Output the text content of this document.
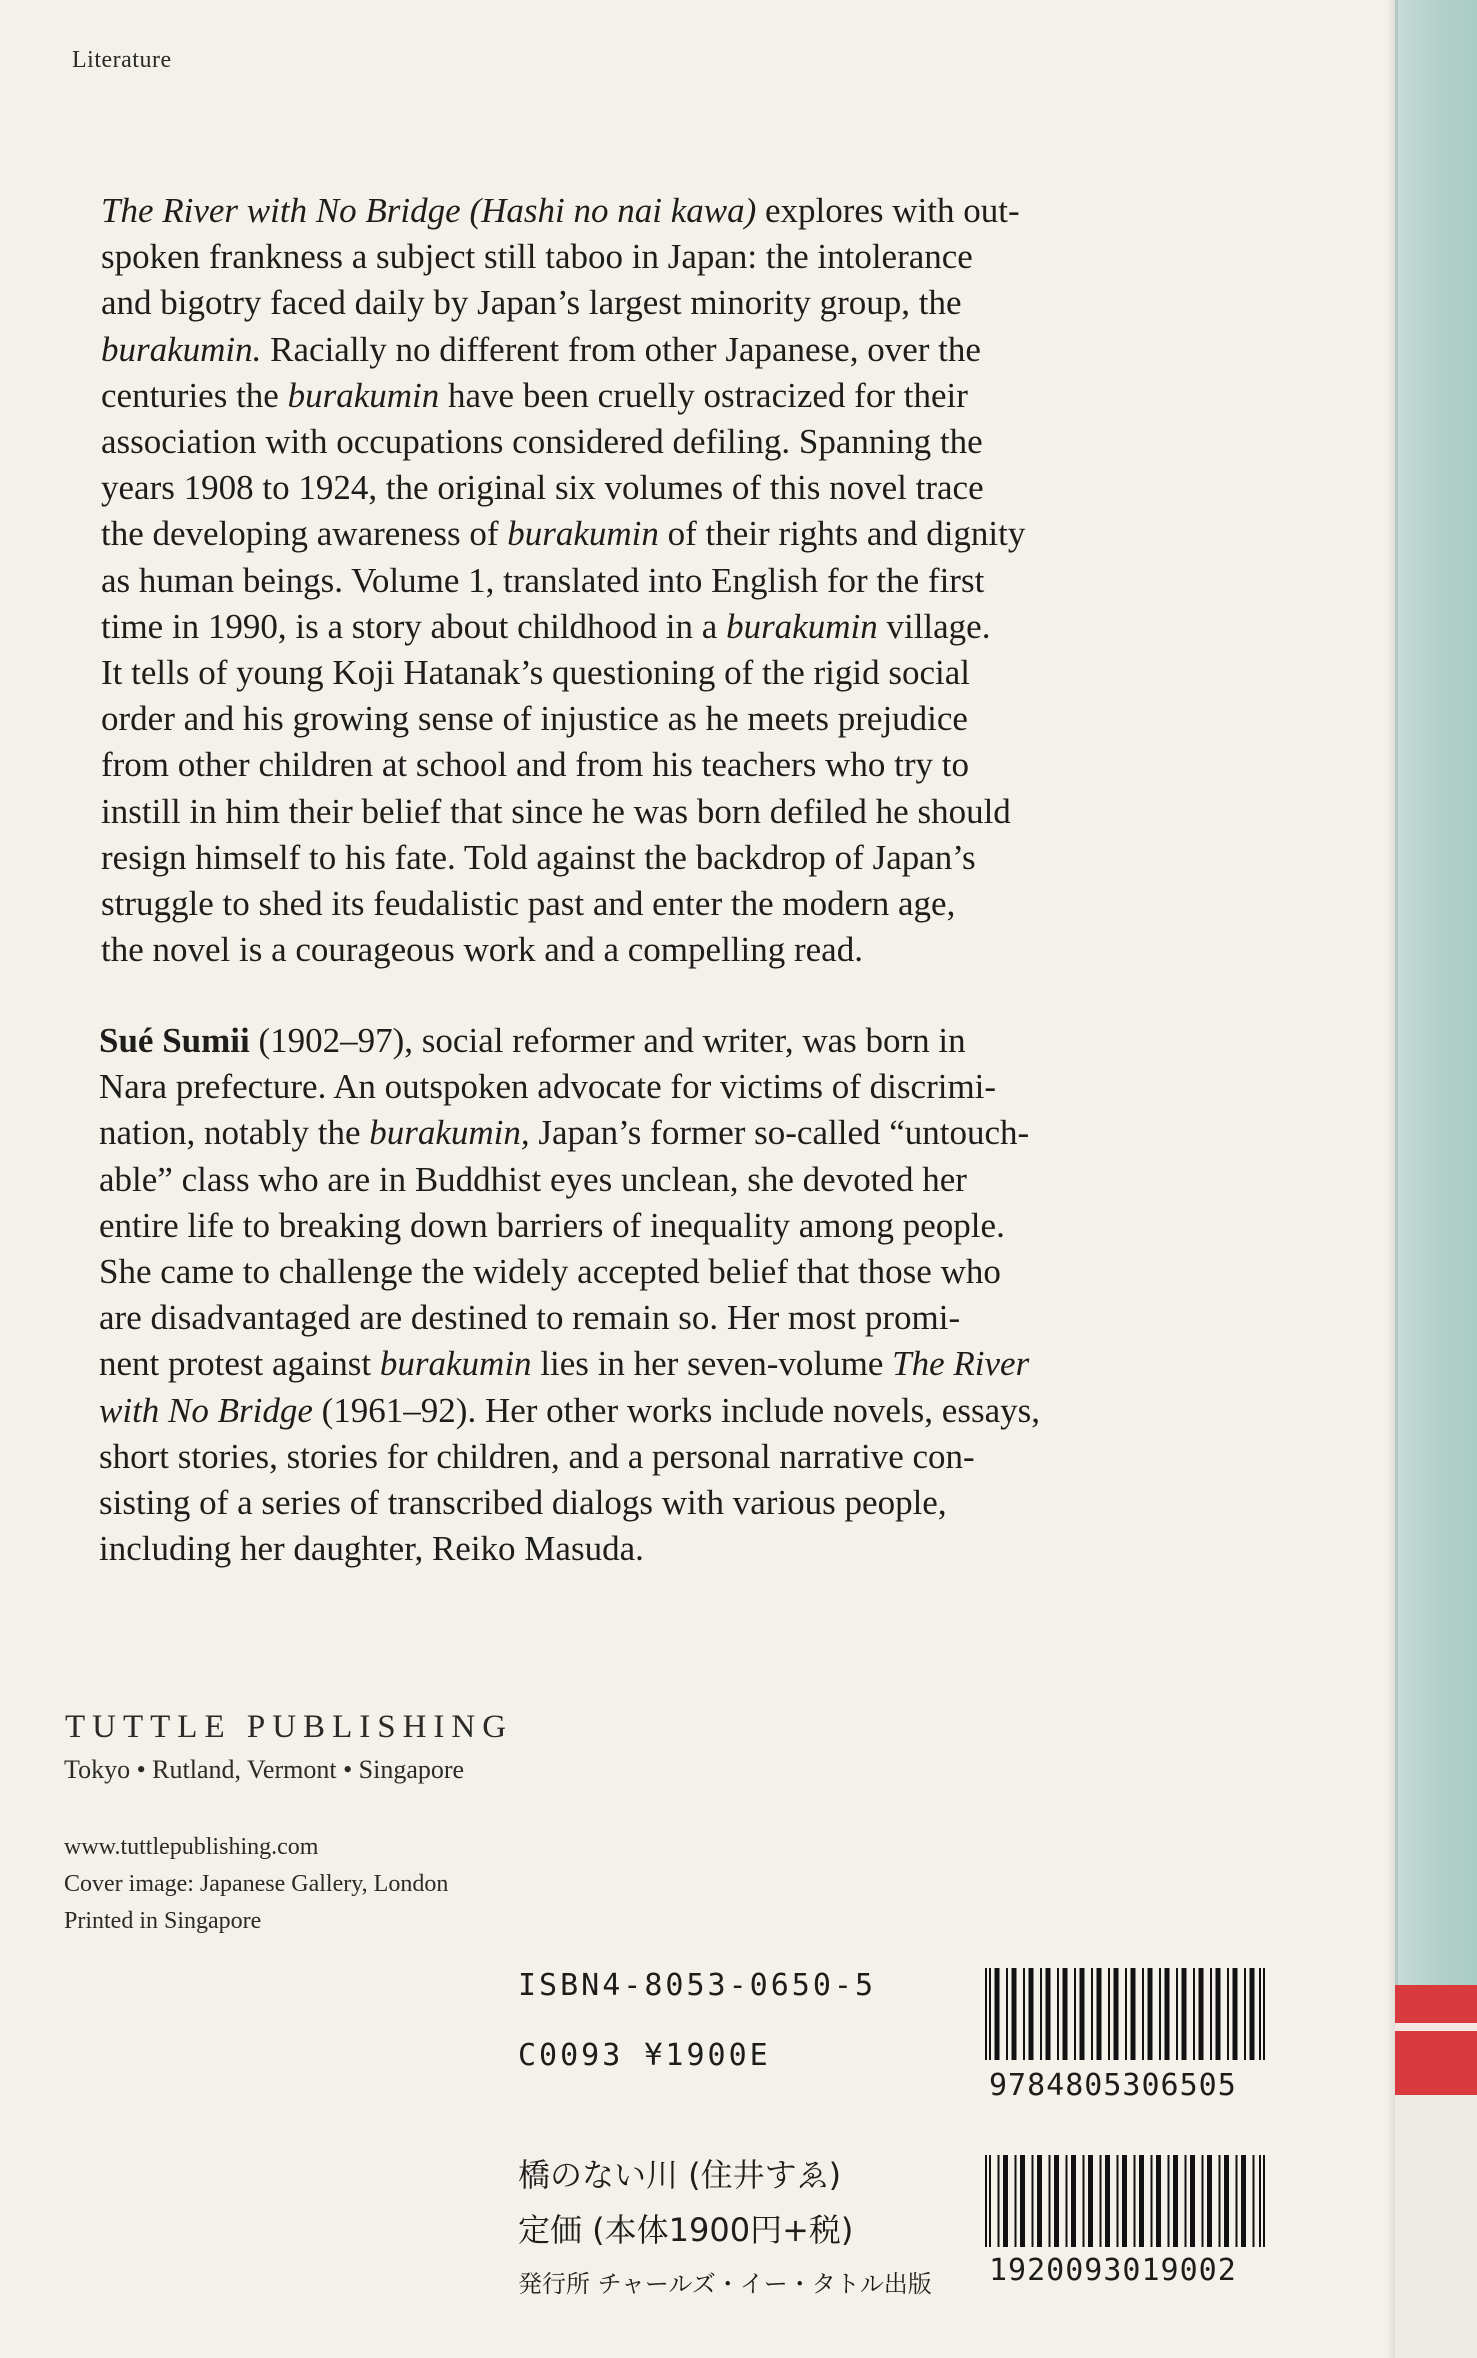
Literature
The River with No Bridge (Hashi no nai kawa) explores with out-
spoken frankness a subject still taboo in Japan: the intolerance
and bigotry faced daily by Japan’s largest minority group, the
burakumin. Racially no different from other Japanese, over the
centuries the burakumin have been cruelly ostracized for their
association with occupations considered defiling. Spanning the
years 1908 to 1924, the original six volumes of this novel trace
the developing awareness of burakumin of their rights and dignity
as human beings. Volume 1, translated into English for the first
time in 1990, is a story about childhood in a burakumin village.
It tells of young Koji Hatanak’s questioning of the rigid social
order and his growing sense of injustice as he meets prejudice
from other children at school and from his teachers who try to
instill in him their belief that since he was born defiled he should
resign himself to his fate. Told against the backdrop of Japan’s
struggle to shed its feudalistic past and enter the modern age,
the novel is a courageous work and a compelling read.
Sué Sumii (1902–97), social reformer and writer, was born in
Nara prefecture. An outspoken advocate for victims of discrimi-
nation, notably the burakumin, Japan’s former so-called “untouch-
able” class who are in Buddhist eyes unclean, she devoted her
entire life to breaking down barriers of inequality among people.
She came to challenge the widely accepted belief that those who
are disadvantaged are destined to remain so. Her most promi-
nent protest against burakumin lies in her seven-volume The River
with No Bridge (1961–92). Her other works include novels, essays,
short stories, stories for children, and a personal narrative con-
sisting of a series of transcribed dialogs with various people,
including her daughter, Reiko Masuda.
TUTTLE PUBLISHING
Tokyo • Rutland, Vermont • Singapore
www.tuttlepublishing.com
Cover image: Japanese Gallery, London
Printed in Singapore
ISBN4-8053-0650-5
C0093 ¥1900E
橋のない川 (住井すゑ)
定価 (本体1900円+税)
発行所 チャールズ・イー・タトル出版
9784805306505
1920093019002
